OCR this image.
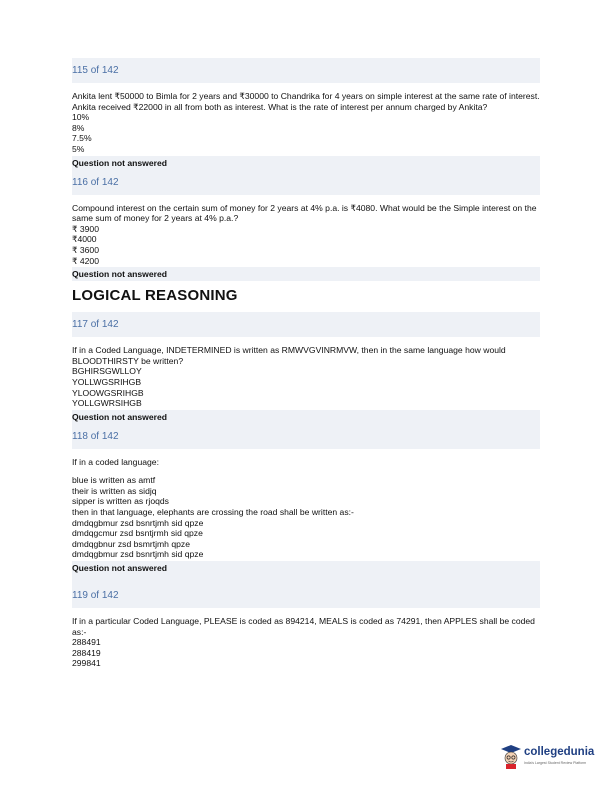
115 of 142
Ankita lent ₹50000 to Bimla for 2 years and ₹30000 to Chandrika for 4 years on simple interest at the same rate of interest. Ankita received ₹22000 in all from both as interest. What is the rate of interest per annum charged by Ankita?
10%
8%
7.5%
5%
Question not answered
116 of 142
Compound interest on the certain sum of money for 2 years at 4% p.a. is ₹4080. What would be the Simple interest on the same sum of money for 2 years at 4% p.a.?
₹ 3900
₹4000
₹ 3600
₹ 4200
Question not answered
LOGICAL REASONING
117 of 142
If in a Coded Language, INDETERMINED is written as RMWVGVINRMVW, then in the same language how would BLOODTHIRSTY be written?
BGHIRSGWLLOY
YOLLWGSRIHGB
YLOOWGSRIHGB
YOLLGWRSIHGB
Question not answered
118 of 142
If in a coded language:
blue is written as amtf
their is written as sidjq
sipper is written as rjoqds
then in that language, elephants are crossing the road shall be written as:-
dmdqgbmur zsd bsnrtjmh sid qpze
dmdqgcmur zsd bsntjrmh sid qpze
dmdqgbnur zsd bsmrtjmh qpze
dmdqgbmur zsd bsnrtjmh sid qpze
Question not answered
119 of 142
If in a particular Coded Language, PLEASE is coded as 894214, MEALS is coded as 74291, then APPLES shall be coded as:-
288491
288419
299841
collegedunia
India's Largest Student Review Platform
